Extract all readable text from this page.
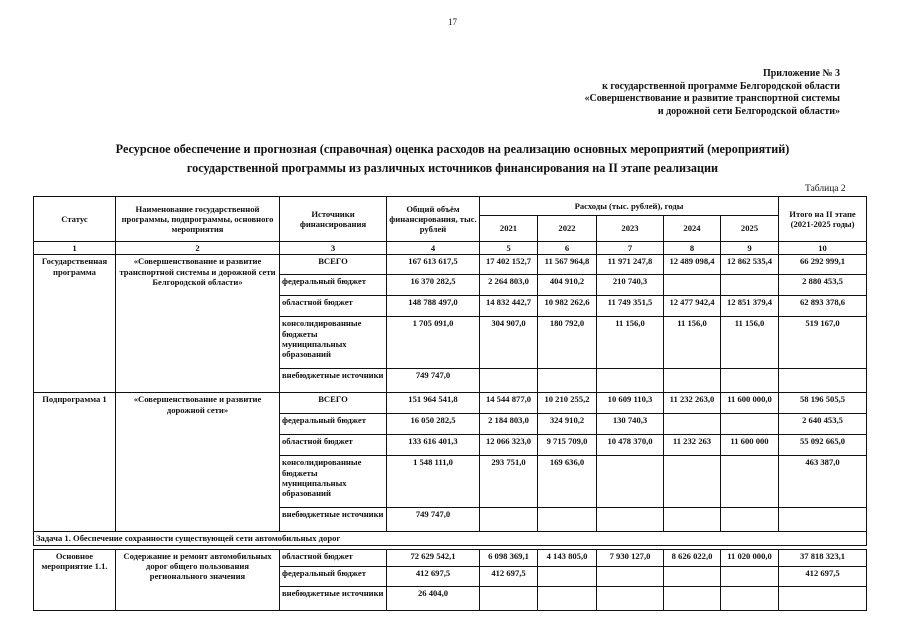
17
Приложение № 3
к государственной программе Белгородской области
«Совершенствование и развитие транспортной системы
и дорожной сети Белгородской области»
Ресурсное обеспечение и прогнозная (справочная) оценка расходов на реализацию основных мероприятий (мероприятий)
государственной программы из различных источников финансирования на II этапе реализации
Таблица 2
Статус	Наименование государственной программы, подпрограммы, основного мероприятия	Источники финансирования	Общий объём финансирования, тыс. рублей	Расходы (тыс. рублей), годы					Итого на II этапе (2021-2025 годы)
				2021	2022	2023	2024	2025	
1	2	3	4	5	6	7	8	9	10
Государственная программа	«Совершенствование и развитие транспортной системы и дорожной сети Белгородской области»	ВСЕГО	167 613 617,5	17 402 152,7	11 567 964,8	11 971 247,8	12 489 098,4	12 862 535,4	66 292 999,1
		федеральный бюджет	16 370 282,5	2 264 803,0	404 910,2	210 740,3			2 880 453,5
		областной бюджет	148 788 497,0	14 832 442,7	10 982 262,6	11 749 351,5	12 477 942,4	12 851 379,4	62 893 378,6
		консолидированные бюджеты муниципальных образований	1 705 091,0	304 907,0	180 792,0	11 156,0	11 156,0	11 156,0	519 167,0
		внебюджетные источники	749 747,0						
Подпрограмма 1	«Совершенствование и развитие дорожной сети»	ВСЕГО	151 964 541,8	14 544 877,0	10 210 255,2	10 609 110,3	11 232 263,0	11 600 000,0	58 196 505,5
		федеральный бюджет	16 050 282,5	2 184 803,0	324 910,2	130 740,3			2 640 453,5
		областной бюджет	133 616 401,3	12 066 323,0	9 715 709,0	10 478 370,0	11 232 263	11 600 000	55 092 665,0
		консолидированные бюджеты муниципальных образований	1 548 111,0	293 751,0	169 636,0				463 387,0
		внебюджетные источники	749 747,0						
Задача 1. Обеспечение сохранности существующей сети автомобильных дорог									

Основное мероприятие 1.1.	Содержание и ремонт автомобильных дорог общего пользования регионального значения	областной бюджет	72 629 542,1	6 098 369,1	4 143 805,0	7 930 127,0	8 626 022,0	11 020 000,0	37 818 323,1
		федеральный бюджет	412 697,5	412 697,5					412 697,5
		внебюджетные источники	26 404,0						
